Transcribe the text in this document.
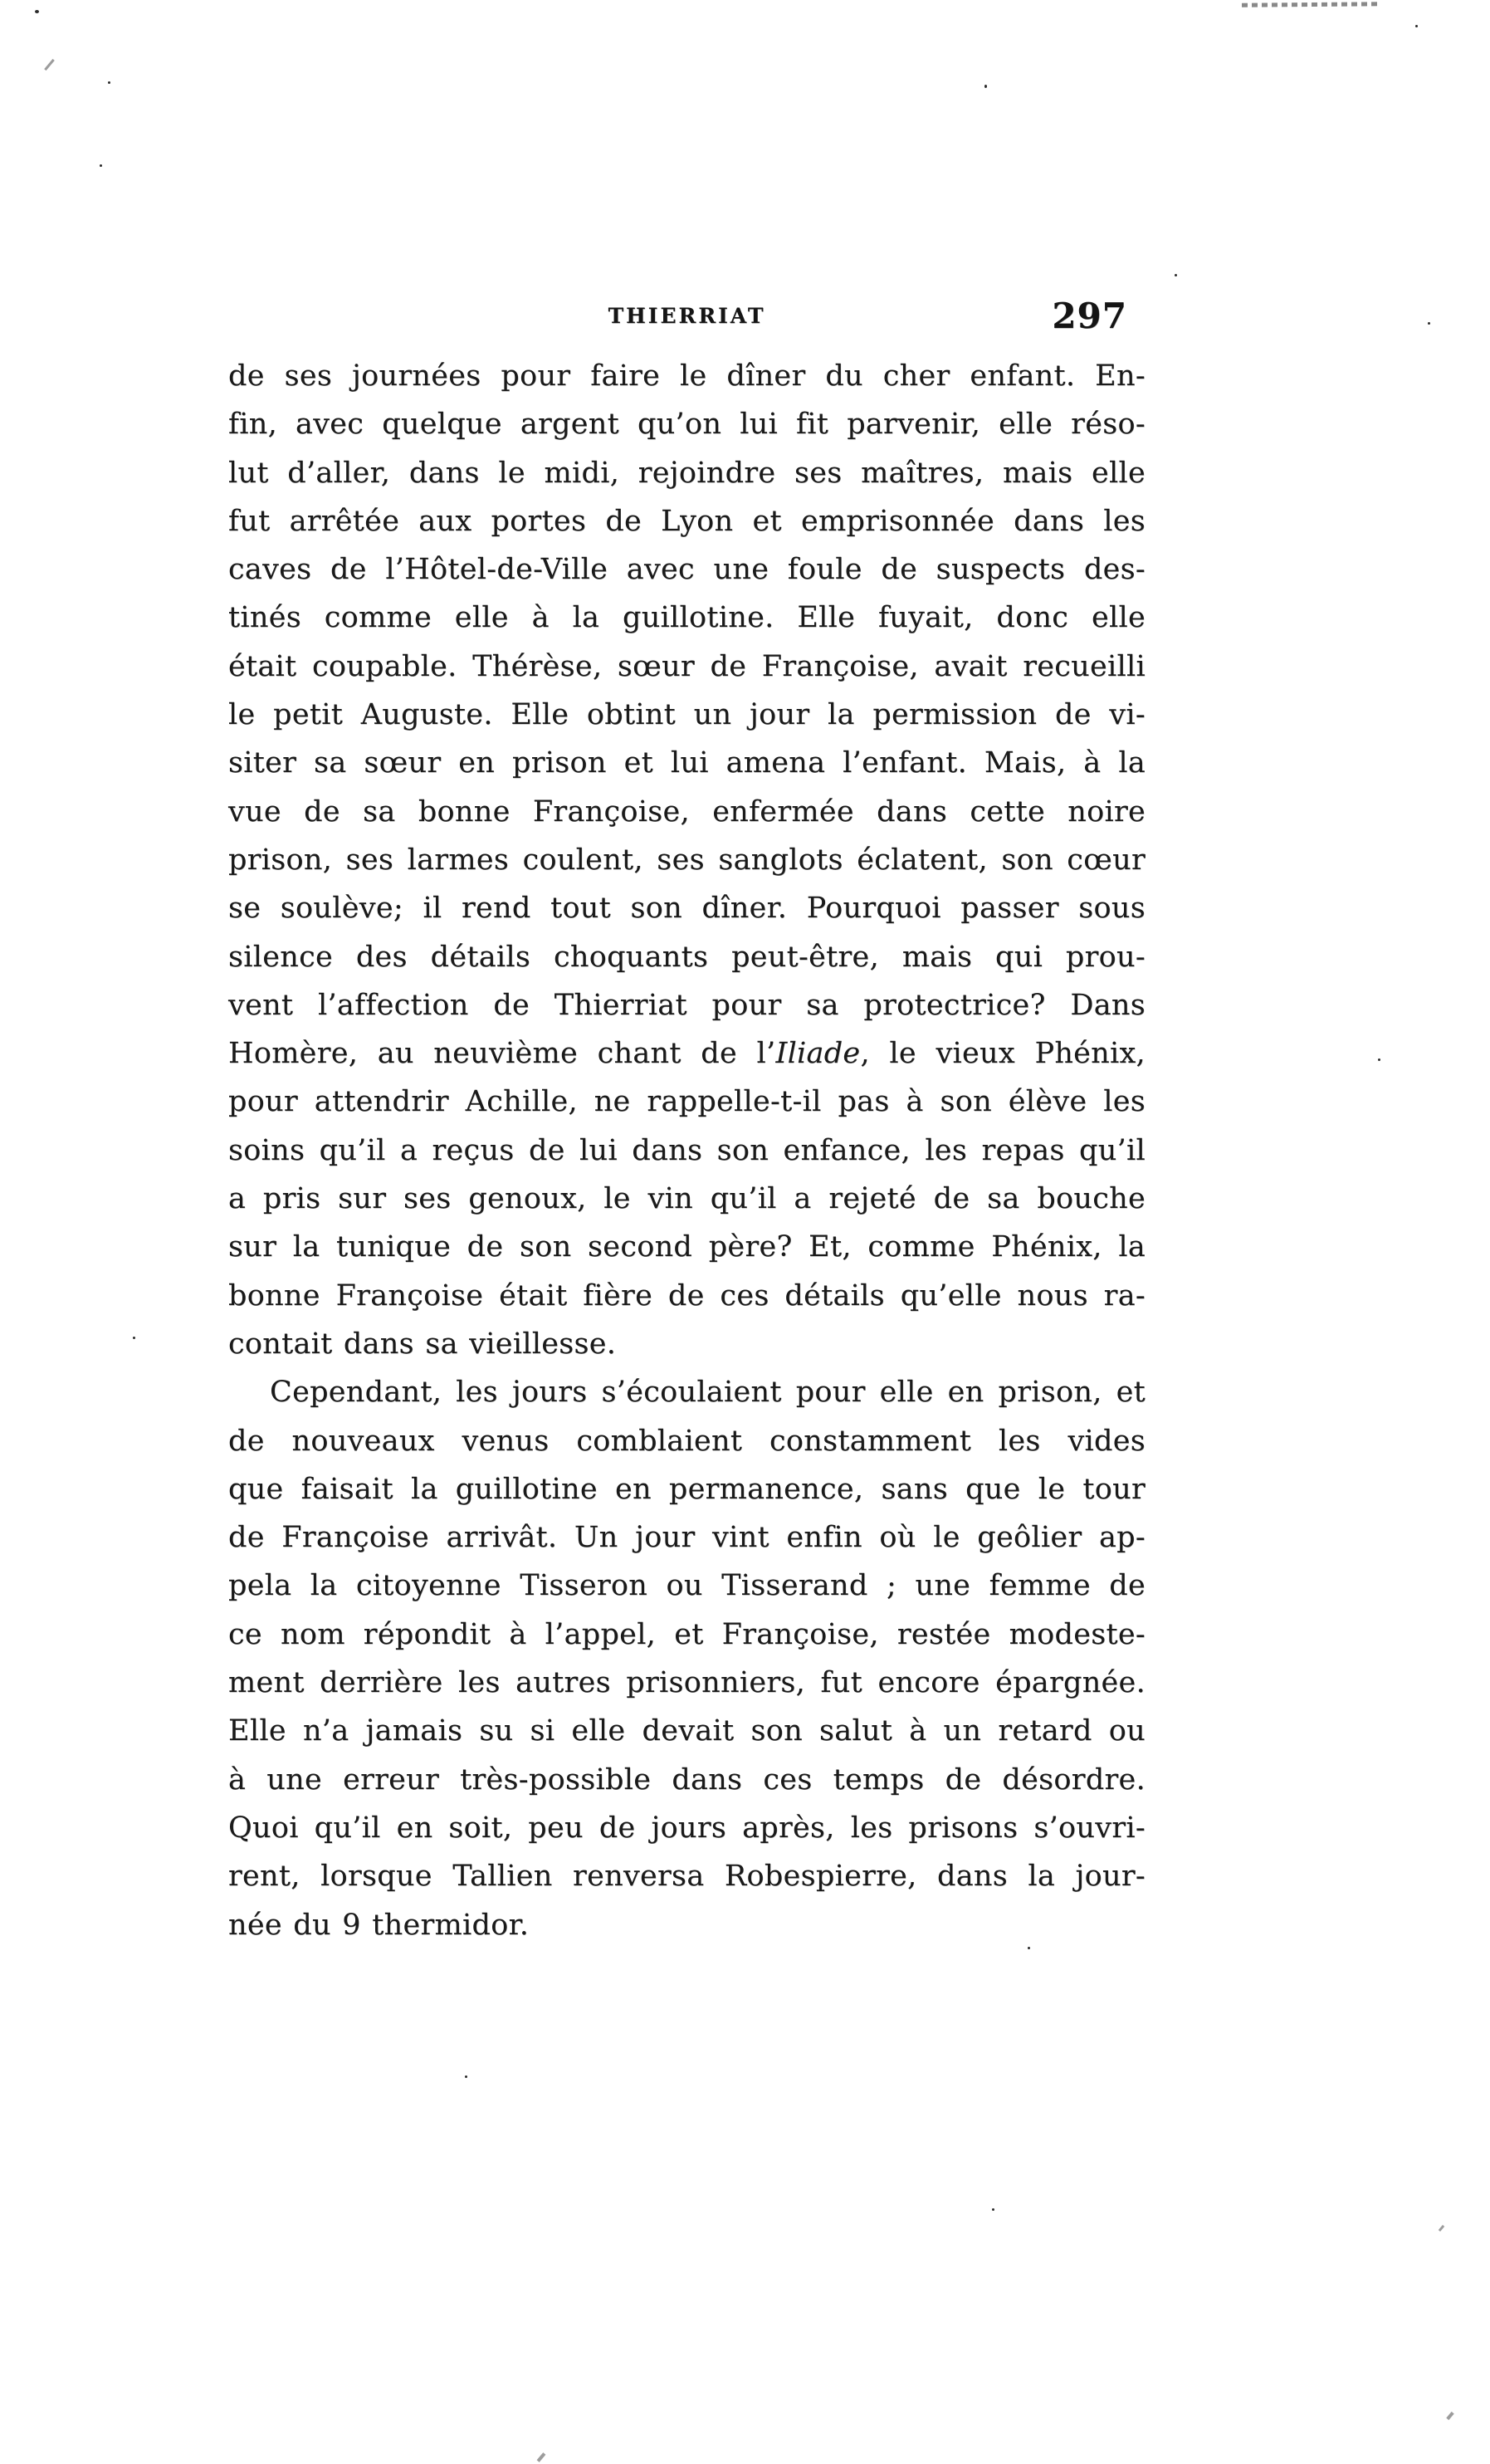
THIERRIAT	297
de ses journées pour faire le dîner du cher enfant. En-
fin, avec quelque argent qu’on lui fit parvenir, elle réso-
lut d’aller, dans le midi, rejoindre ses maîtres, mais elle
fut arrêtée aux portes de Lyon et emprisonnée dans les
caves de l’Hôtel-de-Ville avec une foule de suspects des-
tinés comme elle à la guillotine. Elle fuyait, donc elle
était coupable. Thérèse, sœur de Françoise, avait recueilli
le petit Auguste. Elle obtint un jour la permission de vi-
siter sa sœur en prison et lui amena l’enfant. Mais, à la
vue de sa bonne Françoise, enfermée dans cette noire
prison, ses larmes coulent, ses sanglots éclatent, son cœur
se soulève; il rend tout son dîner. Pourquoi passer sous
silence des détails choquants peut-être, mais qui prou-
vent l’affection de Thierriat pour sa protectrice? Dans
Homère, au neuvième chant de l’Iliade, le vieux Phénix,
pour attendrir Achille, ne rappelle-t-il pas à son élève les
soins qu’il a reçus de lui dans son enfance, les repas qu’il
a pris sur ses genoux, le vin qu’il a rejeté de sa bouche
sur la tunique de son second père? Et, comme Phénix, la
bonne Françoise était fière de ces détails qu’elle nous ra-
contait dans sa vieillesse.
Cependant, les jours s’écoulaient pour elle en prison, et
de nouveaux venus comblaient constamment les vides
que faisait la guillotine en permanence, sans que le tour
de Françoise arrivât. Un jour vint enfin où le geôlier ap-
pela la citoyenne Tisseron ou Tisserand ; une femme de
ce nom répondit à l’appel, et Françoise, restée modeste-
ment derrière les autres prisonniers, fut encore épargnée.
Elle n’a jamais su si elle devait son salut à un retard ou
à une erreur très-possible dans ces temps de désordre.
Quoi qu’il en soit, peu de jours après, les prisons s’ouvri-
rent, lorsque Tallien renversa Robespierre, dans la jour-
née du 9 thermidor.
